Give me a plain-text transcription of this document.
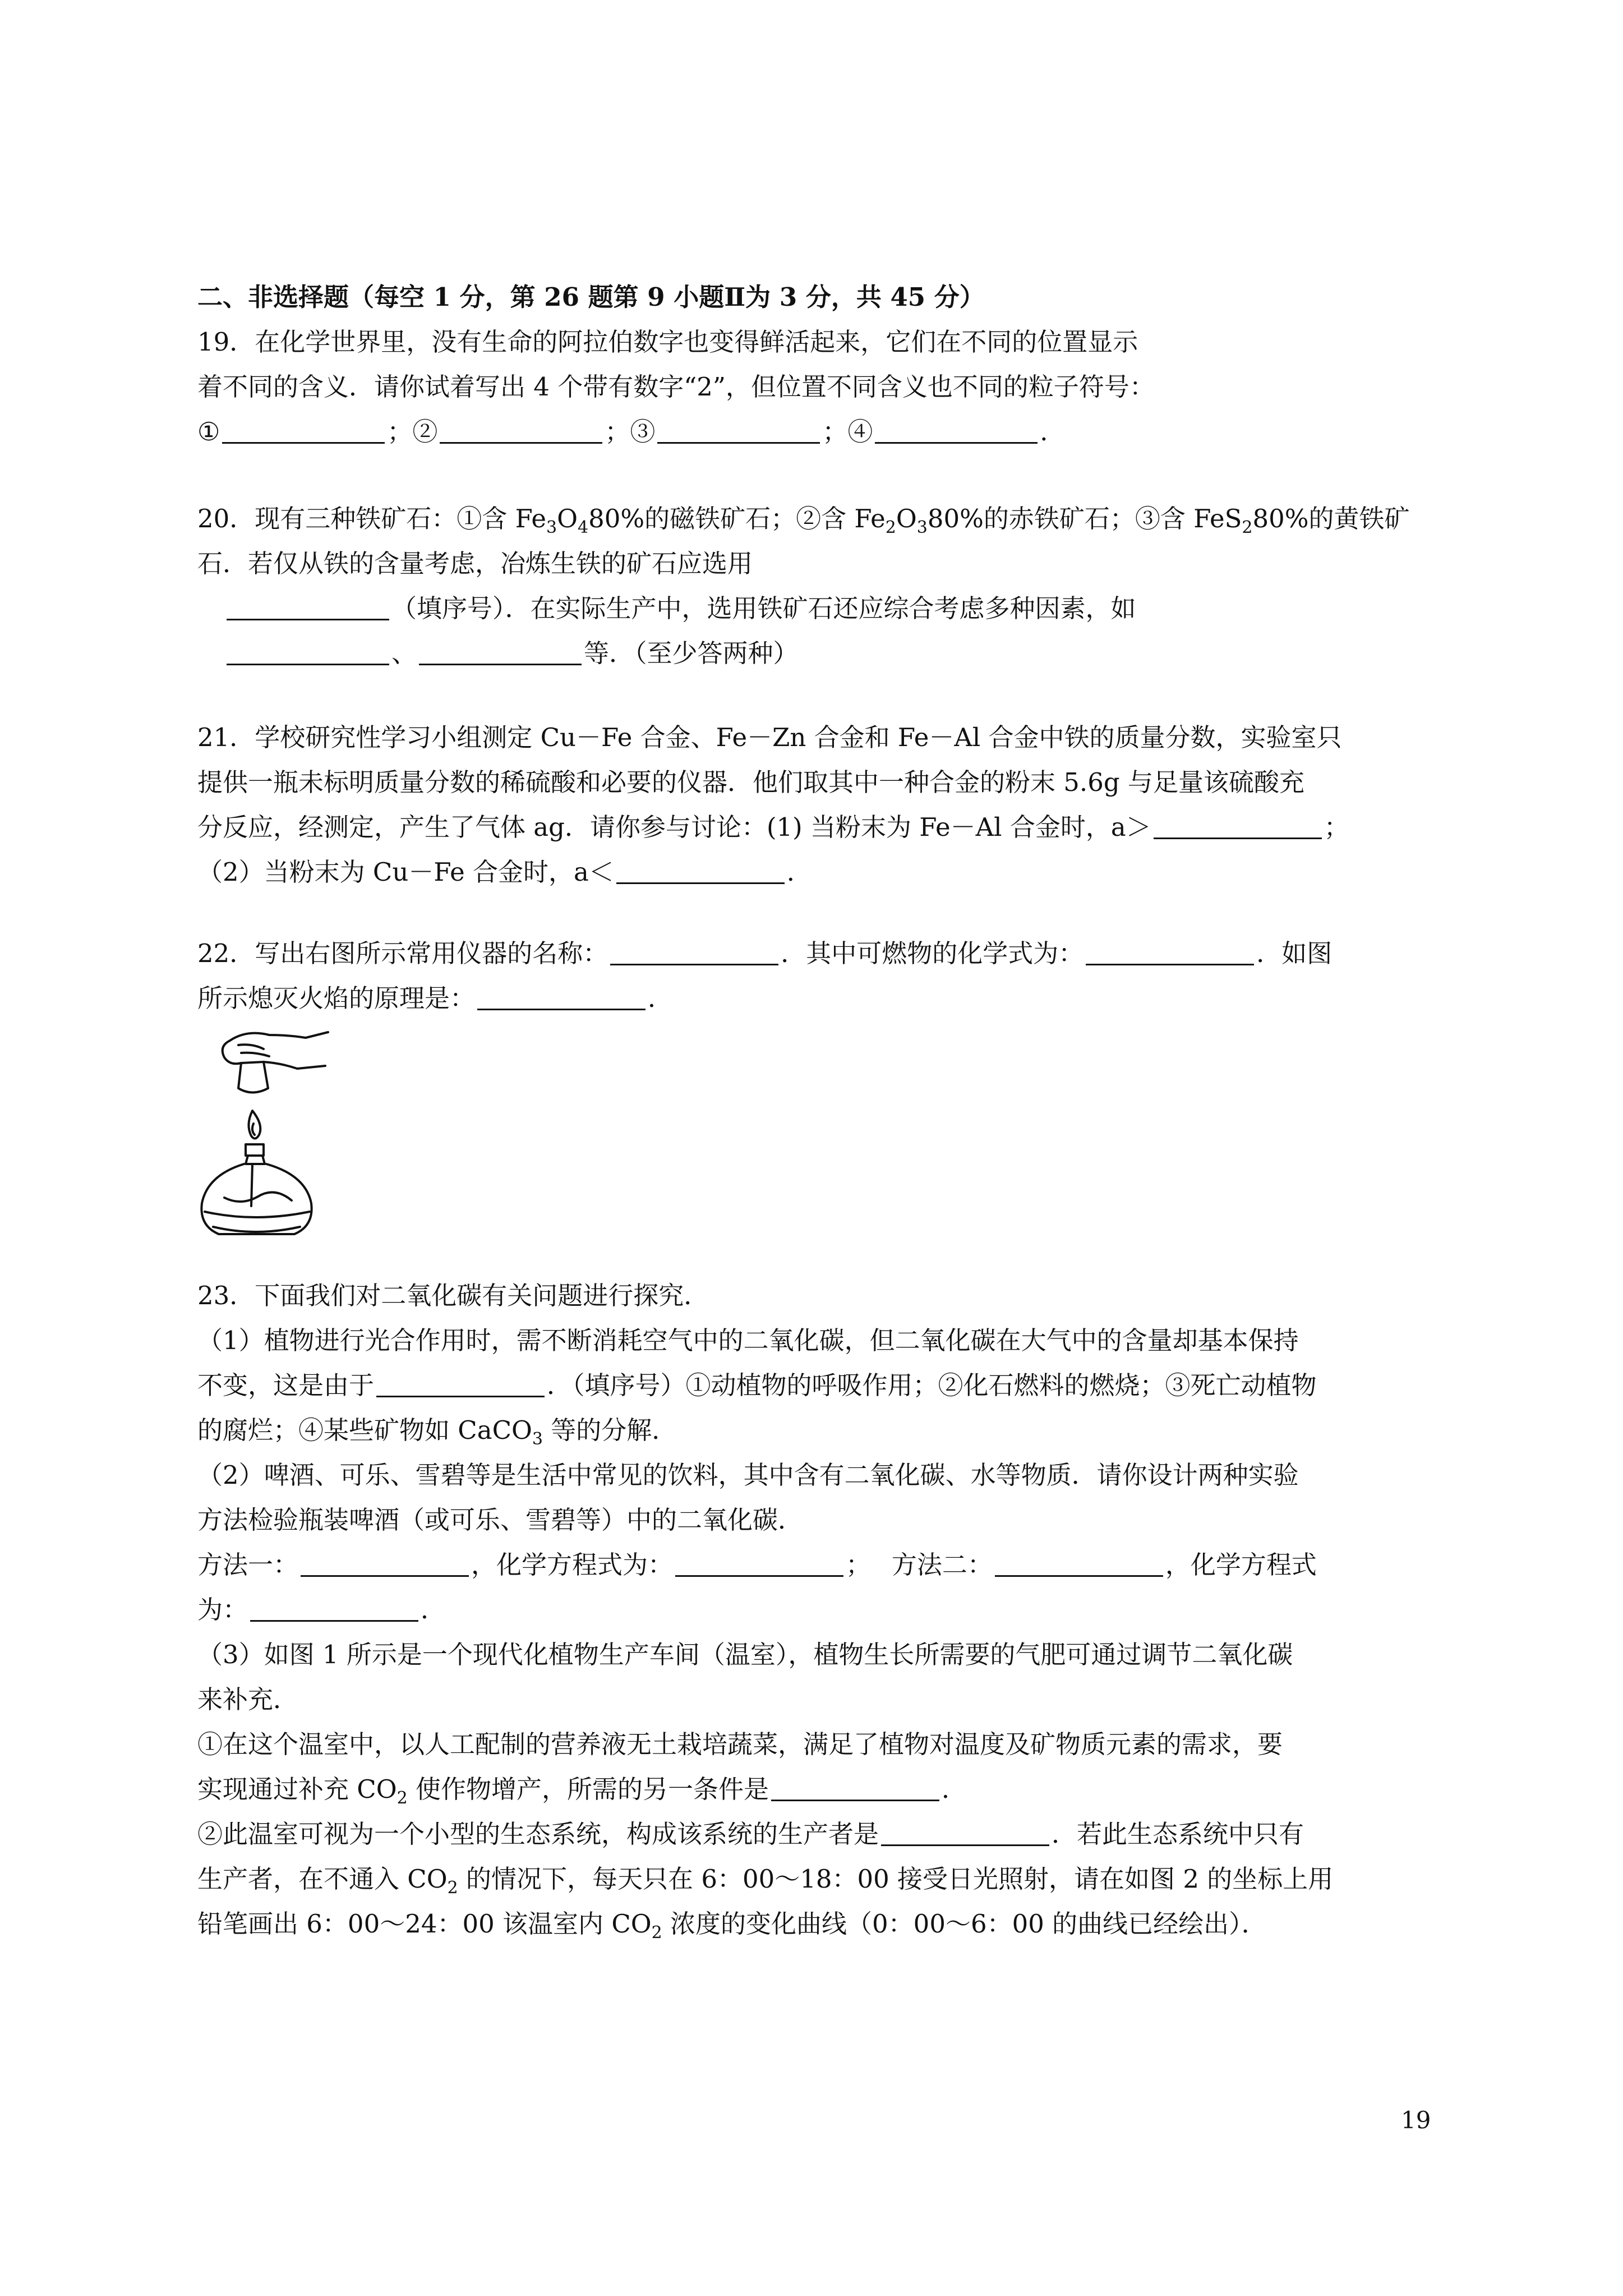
二、非选择题（每空 1 分，第 26 题第 9 小题Ⅱ为 3 分，共 45 分）
19．在化学世界里，没有生命的阿拉伯数字也变得鲜活起来，它们在不同的位置显示
着不同的含义．请你试着写出 4 个带有数字“2”，但位置不同含义也不同的粒子符号：
①	；②	；③	；④	．
20．现有三种铁矿石：①含 $Fe_3O_480\%$的磁铁矿石；②含 $Fe_2O_380\%$的赤铁矿石；③含 FeS$_2$80%的黄铁矿
石．若仅从铁的含量考虑，冶炼生铁的矿石应选用
（填序号）．在实际生产中，选用铁矿石还应综合考虑多种因素，如
、	等．（至少答两种）
21．学校研究性学习小组测定 Cu－Fe 合金、Fe－Zn 合金和 Fe－Al 合金中铁的质量分数，实验室只
提供一瓶未标明质量分数的稀硫酸和必要的仪器．他们取其中一种合金的粉末 5.6g 与足量该硫酸充
分反应，经测定，产生了气体 ag．请你参与讨论：(1) 当粉末为 Fe－Al 合金时，a＞	；
（2）当粉末为 Cu－Fe 合金时，a＜	．
22．写出右图所示常用仪器的名称：	．其中可燃物的化学式为：	．如图
所示熄灭火焰的原理是：	．
23．下面我们对二氧化碳有关问题进行探究．
（1）植物进行光合作用时，需不断消耗空气中的二氧化碳，但二氧化碳在大气中的含量却基本保持
不变，这是由于	．（填序号）①动植物的呼吸作用；②化石燃料的燃烧；③死亡动植物
的腐烂；④某些矿物如 CaCO$_3$ 等的分解．
（2）啤酒、可乐、雪碧等是生活中常见的饮料，其中含有二氧化碳、水等物质．请你设计两种实验
方法检验瓶装啤酒（或可乐、雪碧等）中的二氧化碳．
方法一：	，化学方程式为：	；　 方法二：	，化学方程式
为：	．
（3）如图 1 所示是一个现代化植物生产车间（温室），植物生长所需要的气肥可通过调节二氧化碳
来补充．
①在这个温室中，以人工配制的营养液无土栽培蔬菜，满足了植物对温度及矿物质元素的需求，要
实现通过补充 $CO_2$ 使作物增产，所需的另一条件是	．
②此温室可视为一个小型的生态系统，构成该系统的生产者是	．若此生态系统中只有
生产者，在不通入 $CO_2$ 的情况下，每天只在 6：00～18：00 接受日光照射，请在如图 2 的坐标上用
铅笔画出 6：00～24：00 该温室内 $CO_2$ 浓度的变化曲线（0：00～6：00 的曲线已经绘出）．
19
